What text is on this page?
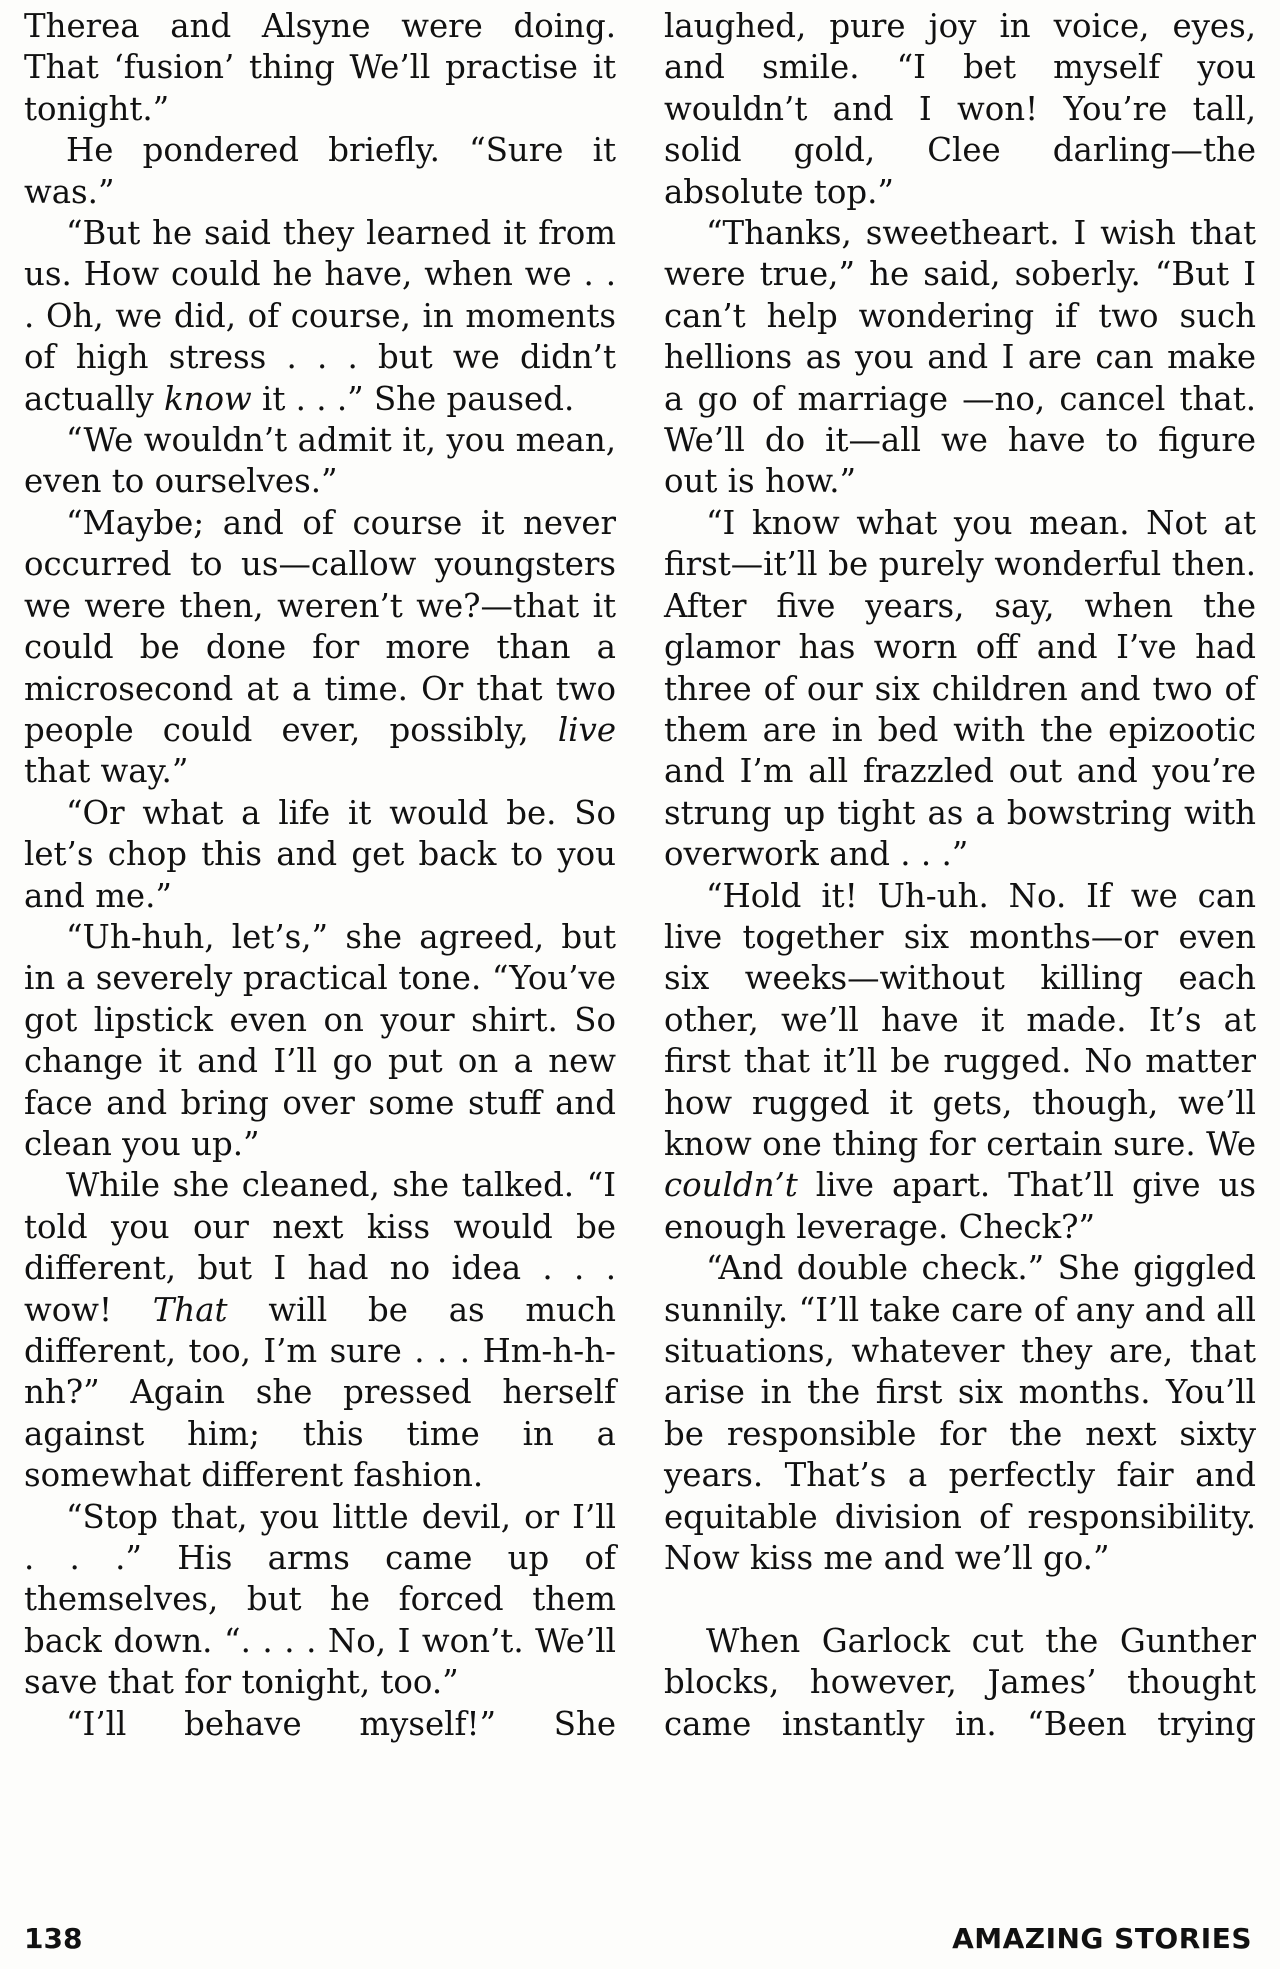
Therea and Alsyne were doing. That ‘fusion’ thing We’ll practise it tonight.”

He pondered briefly. “Sure it was.”

“But he said they learned it from us. How could he have, when we . . . Oh, we did, of course, in moments of high stress . . . but we didn’t actually know it . . .” She paused.

“We wouldn’t admit it, you mean, even to ourselves.”

“Maybe; and of course it never occurred to us—callow youngsters we were then, weren’t we?—that it could be done for more than a microsecond at a time. Or that two people could ever, possibly, live that way.”

“Or what a life it would be. So let’s chop this and get back to you and me.”

“Uh-huh, let’s,” she agreed, but in a severely practical tone. “You’ve got lipstick even on your shirt. So change it and I’ll go put on a new face and bring over some stuff and clean you up.”

While she cleaned, she talked. “I told you our next kiss would be different, but I had no idea . . . wow! That will be as much different, too, I’m sure . . . Hm-h-h-nh?” Again she pressed herself against him; this time in a somewhat different fashion.

“Stop that, you little devil, or I’ll . . .” His arms came up of themselves, but he forced them back down. “. . . . No, I won’t. We’ll save that for tonight, too.”

“I’ll behave myself!” She

laughed, pure joy in voice, eyes, and smile. “I bet myself you wouldn’t and I won! You’re tall, solid gold, Clee darling—the absolute top.”

“Thanks, sweetheart. I wish that were true,” he said, soberly. “But I can’t help wondering if two such hellions as you and I are can make a go of marriage —no, cancel that. We’ll do it—all we have to figure out is how.”

“I know what you mean. Not at first—it’ll be purely wonderful then. After five years, say, when the glamor has worn off and I’ve had three of our six children and two of them are in bed with the epizootic and I’m all frazzled out and you’re strung up tight as a bowstring with overwork and . . .”

“Hold it! Uh-uh. No. If we can live together six months—or even six weeks—without killing each other, we’ll have it made. It’s at first that it’ll be rugged. No matter how rugged it gets, though, we’ll know one thing for certain sure. We couldn’t live apart. That’ll give us enough leverage. Check?”

“And double check.” She giggled sunnily. “I’ll take care of any and all situations, whatever they are, that arise in the first six months. You’ll be responsible for the next sixty years. That’s a perfectly fair and equitable division of responsibility. Now kiss me and we’ll go.”

When Garlock cut the Gunther blocks, however, James’ thought came instantly in. “Been trying

138	AMAZING STORIES
